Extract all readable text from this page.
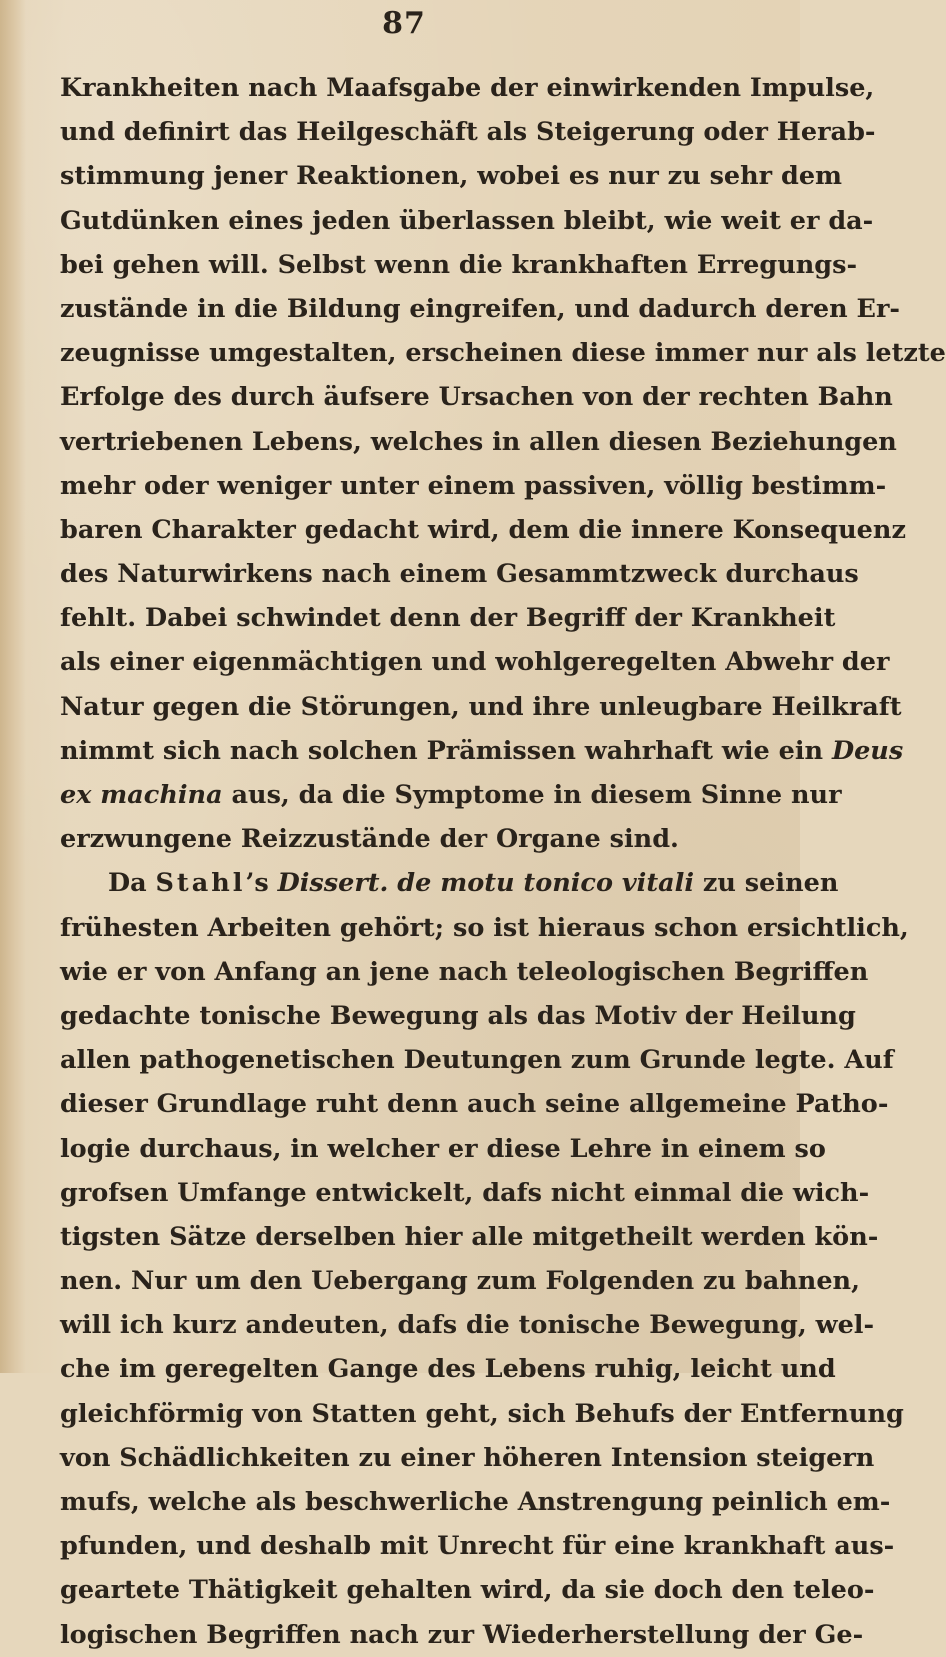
87
Krankheiten nach Maafsgabe der einwirkenden Impulse,
und definirt das Heilgeschäft als Steigerung oder Herab-
stimmung jener Reaktionen, wobei es nur zu sehr dem
Gutdünken eines jeden überlassen bleibt, wie weit er da-
bei gehen will. Selbst wenn die krankhaften Erregungs-
zustände in die Bildung eingreifen, und dadurch deren Er-
zeugnisse umgestalten, erscheinen diese immer nur als letzte
Erfolge des durch äufsere Ursachen von der rechten Bahn
vertriebenen Lebens, welches in allen diesen Beziehungen
mehr oder weniger unter einem passiven, völlig bestimm-
baren Charakter gedacht wird, dem die innere Konsequenz
des Naturwirkens nach einem Gesammtzweck durchaus
fehlt. Dabei schwindet denn der Begriff der Krankheit
als einer eigenmächtigen und wohlgeregelten Abwehr der
Natur gegen die Störungen, und ihre unleugbare Heilkraft
nimmt sich nach solchen Prämissen wahrhaft wie ein Deus
ex machina aus, da die Symptome in diesem Sinne nur
erzwungene Reizzustände der Organe sind.
Da Stahl’s Dissert. de motu tonico vitali zu seinen
frühesten Arbeiten gehört; so ist hieraus schon ersichtlich,
wie er von Anfang an jene nach teleologischen Begriffen
gedachte tonische Bewegung als das Motiv der Heilung
allen pathogenetischen Deutungen zum Grunde legte. Auf
dieser Grundlage ruht denn auch seine allgemeine Patho-
logie durchaus, in welcher er diese Lehre in einem so
grofsen Umfange entwickelt, dafs nicht einmal die wich-
tigsten Sätze derselben hier alle mitgetheilt werden kön-
nen. Nur um den Uebergang zum Folgenden zu bahnen,
will ich kurz andeuten, dafs die tonische Bewegung, wel-
che im geregelten Gange des Lebens ruhig, leicht und
gleichförmig von Statten geht, sich Behufs der Entfernung
von Schädlichkeiten zu einer höheren Intension steigern
mufs, welche als beschwerliche Anstrengung peinlich em-
pfunden, und deshalb mit Unrecht für eine krankhaft aus-
geartete Thätigkeit gehalten wird, da sie doch den teleo-
logischen Begriffen nach zur Wiederherstellung der Ge-
